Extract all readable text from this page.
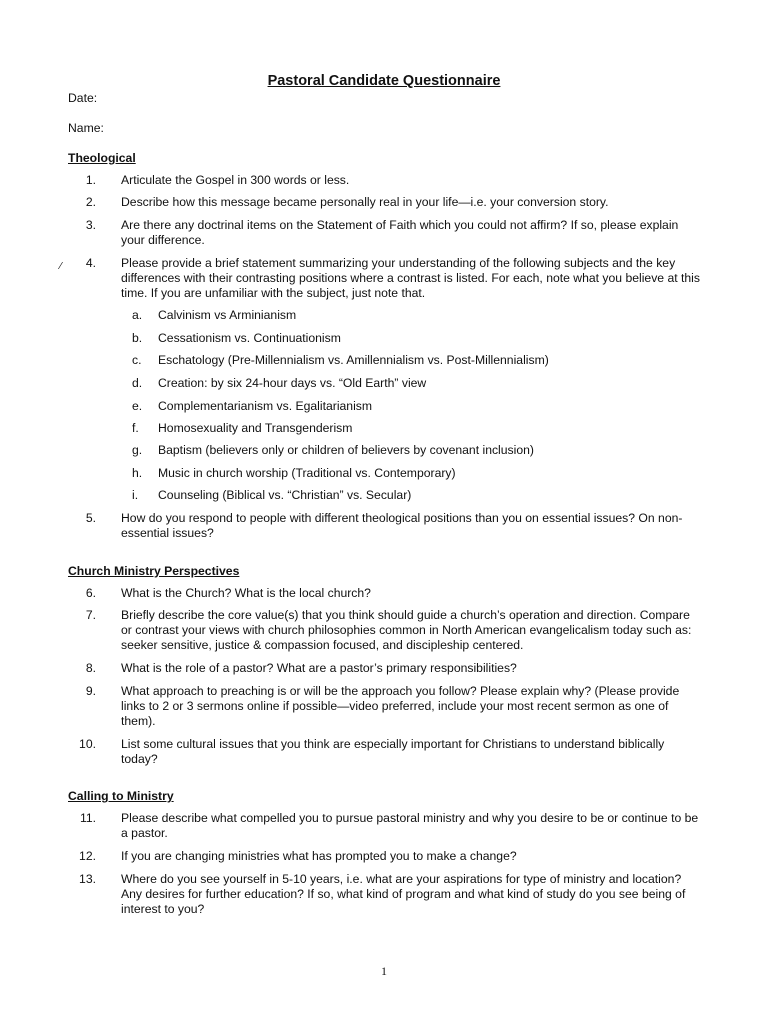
Pastoral Candidate Questionnaire
Date:
Name:
Theological
1. Articulate the Gospel in 300 words or less.
2. Describe how this message became personally real in your life—i.e. your conversion story.
3. Are there any doctrinal items on the Statement of Faith which you could not affirm? If so, please explain your difference.
⁄	4. Please provide a brief statement summarizing your understanding of the following subjects and the key differences with their contrasting positions where a contrast is listed. For each, note what you believe at this time. If you are unfamiliar with the subject, just note that.
a.	Calvinism vs Arminianism
b.	Cessationism vs. Continuationism
c.	Eschatology (Pre-Millennialism vs. Amillennialism vs. Post-Millennialism)
d.	Creation: by six 24-hour days vs. “Old Earth” view
e.	Complementarianism vs. Egalitarianism
f.	Homosexuality and Transgenderism
g.	Baptism (believers only or children of believers by covenant inclusion)
h.	Music in church worship (Traditional vs. Contemporary)
i.	Counseling (Biblical vs. “Christian” vs. Secular)
5. How do you respond to people with different theological positions than you on essential issues? On non-essential issues?
Church Ministry Perspectives
6. What is the Church? What is the local church?
7. Briefly describe the core value(s) that you think should guide a church’s operation and direction. Compare or contrast your views with church philosophies common in North American evangelicalism today such as: seeker sensitive, justice & compassion focused, and discipleship centered.
8. What is the role of a pastor? What are a pastor’s primary responsibilities?
9. What approach to preaching is or will be the approach you follow? Please explain why? (Please provide links to 2 or 3 sermons online if possible—video preferred, include your most recent sermon as one of them).
10. List some cultural issues that you think are especially important for Christians to understand biblically today?
Calling to Ministry
11. Please describe what compelled you to pursue pastoral ministry and why you desire to be or continue to be a pastor.
12. If you are changing ministries what has prompted you to make a change?
13. Where do you see yourself in 5-10 years, i.e. what are your aspirations for type of ministry and location? Any desires for further education? If so, what kind of program and what kind of study do you see being of interest to you?
1
